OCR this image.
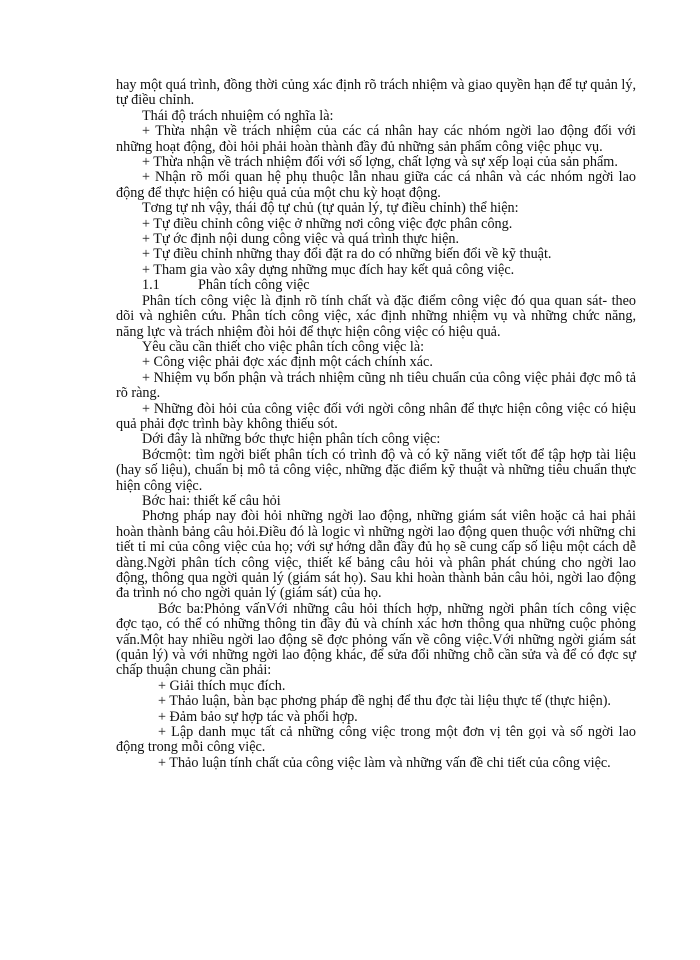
hay một quá trình, đồng thời củng xác định rõ trách nhiệm và giao quyền hạn để tự quản lý, tự điều chỉnh.

Thái độ trách nhuiệm có nghĩa là:

+ Thừa nhận về trách nhiệm của các cá nhân hay các nhóm ngời lao động đối với những hoạt động, đòi hỏi phải hoàn thành đầy đủ những sản phẩm công việc phục vụ.

+ Thừa nhận về trách nhiệm đối với số lợng, chất lợng và sự xếp loại của sản phẩm.

+ Nhận rõ mối quan hệ phụ thuộc lẫn nhau giữa các cá nhân và các nhóm ngời lao động để thực hiện có hiệu quả của một chu kỳ hoạt động.

Tơng tự nh vậy, thái độ tự chủ (tự quản lý, tự điều chỉnh) thể hiện:

+ Tự điều chỉnh công việc ở những nơi công việc đợc phân công.

+ Tự ớc định nội dung công việc và quá trình thực hiện.

+ Tự điều chỉnh những thay đổi đặt ra do có những biến đổi về kỹ thuật.

+ Tham gia vào xây dựng những mục đích hay kết quả công việc.

1.1	Phân tích công việc

Phân tích công việc là định rõ tính chất và đặc điểm công việc đó qua quan sát- theo dõi và nghiên cứu. Phân tích công việc, xác định những nhiệm vụ và những chức năng, năng lực và trách nhiệm đòi hỏi để thực hiện công việc có hiệu quả.

Yêu cầu cần thiết cho việc phân tích công việc là:

+ Công việc phải đợc xác định một cách chính xác.

+ Nhiệm vụ bổn phận và trách nhiệm cũng nh tiêu chuẩn của công việc phải đợc mô tả rõ ràng.

+ Những đòi hỏi của công việc đối với ngời công nhân để thực hiện công việc có hiệu quả phải đợc trình bày không thiếu sót.

Dới đây là những bớc thực hiện phân tích công việc:

Bớcmột: tìm ngời biết phân tích có trình độ và có kỹ năng viết tốt để tập hợp tài liệu (hay số liệu), chuẩn bị mô tả công việc, những đặc điểm kỹ thuật và những tiêu chuẩn thực hiện công việc.

Bớc hai: thiết kế câu hỏi

Phơng pháp nay đòi hỏi những ngời lao động, những giám sát viên hoặc cả hai phải hoàn thành bảng câu hỏi.Điều đó là logic vì những ngời lao động quen thuộc với những chi tiết tỉ mỉ của công việc của họ; với sự hớng dẫn đầy đủ họ sẽ cung cấp số liệu một cách dễ dàng.Ngời phân tích công việc, thiết kế bảng câu hỏi và phân phát chúng cho ngời lao động, thông qua ngời quản lý (giám sát họ). Sau khi hoàn thành bản câu hỏi, ngời lao động đa trình nó cho ngời quản lý (giám sát) của họ.

Bớc ba:Phỏng vấnVới những câu hỏi thích hợp, những ngời phân tích công việc đợc tạo, có thể có những thông tin đầy đủ và chính xác hơn thông qua những cuộc phỏng vấn.Một hay nhiều ngời lao động sẽ đợc phỏng vấn về công việc.Với những ngời giám sát (quản lý) và với những ngời lao động khác, để sửa đổi những chỗ cần sửa và để có đợc sự chấp thuận chung cần phải:

+ Giải thích mục đích.

+ Thảo luận, bàn bạc phơng pháp đề nghị để thu đợc tài liệu thực tế (thực hiện).

+ Đảm bảo sự hợp tác và phối hợp.

+ Lập danh mục tất cả những công việc trong một đơn vị tên gọi và số ngời lao động trong mỗi công việc.

+ Thảo luận tính chất của công việc làm và những vấn đề chi tiết của công việc.
